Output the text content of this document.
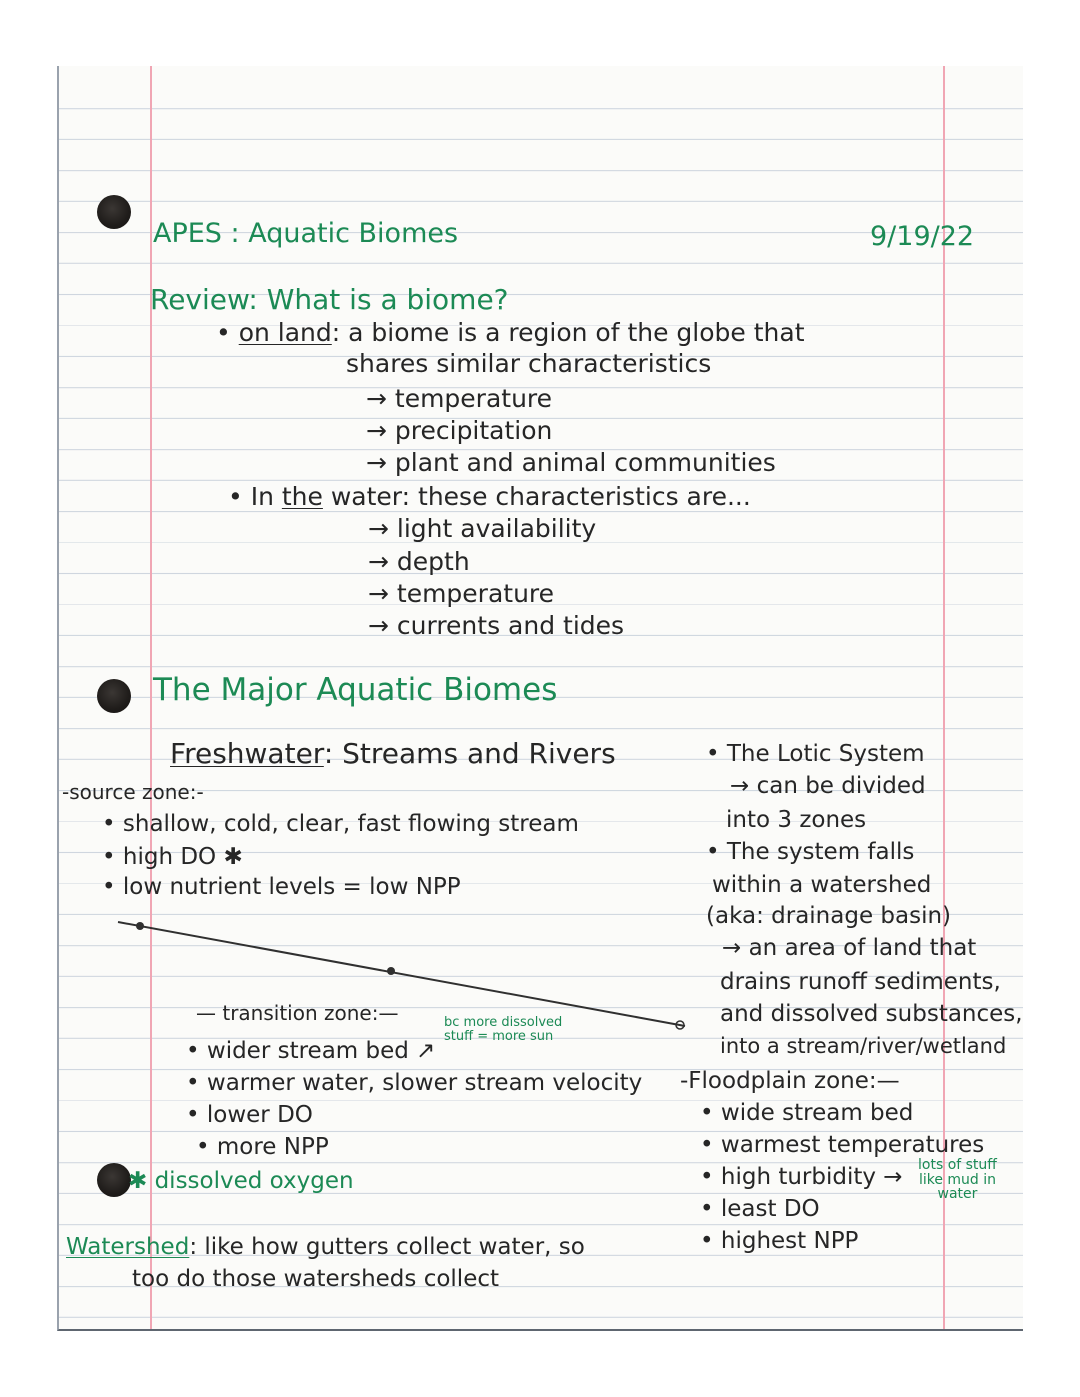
APES : Aquatic Biomes	9/19/22
Review: What is a biome?
• on land: a biome is a region of the globe that
shares similar characteristics
→ temperature
→ precipitation
→ plant and animal communities
• In the water: these characteristics are...
→ light availability
→ depth
→ temperature
→ currents and tides
The Major Aquatic Biomes
Freshwater: Streams and Rivers
-source zone:-
• shallow, cold, clear, fast flowing stream
• high DO ✱
• low nutrient levels = low NPP
— transition zone:—	bc more dissolved
stuff = more sun
• wider stream bed ↗
• warmer water, slower stream velocity
• lower DO
• more NPP
✱ dissolved oxygen
• The Lotic System
→ can be divided
into 3 zones
• The system falls
within a watershed
(aka: drainage basin)
→ an area of land that
drains runoff sediments,
and dissolved substances,
into a stream/river/wetland
-Floodplain zone:—
• wide stream bed
• warmest temperatures
• high turbidity →
• least DO
• highest NPP
lots of stuff
like mud in
water
Watershed: like how gutters collect water, so
too do those watersheds collect
